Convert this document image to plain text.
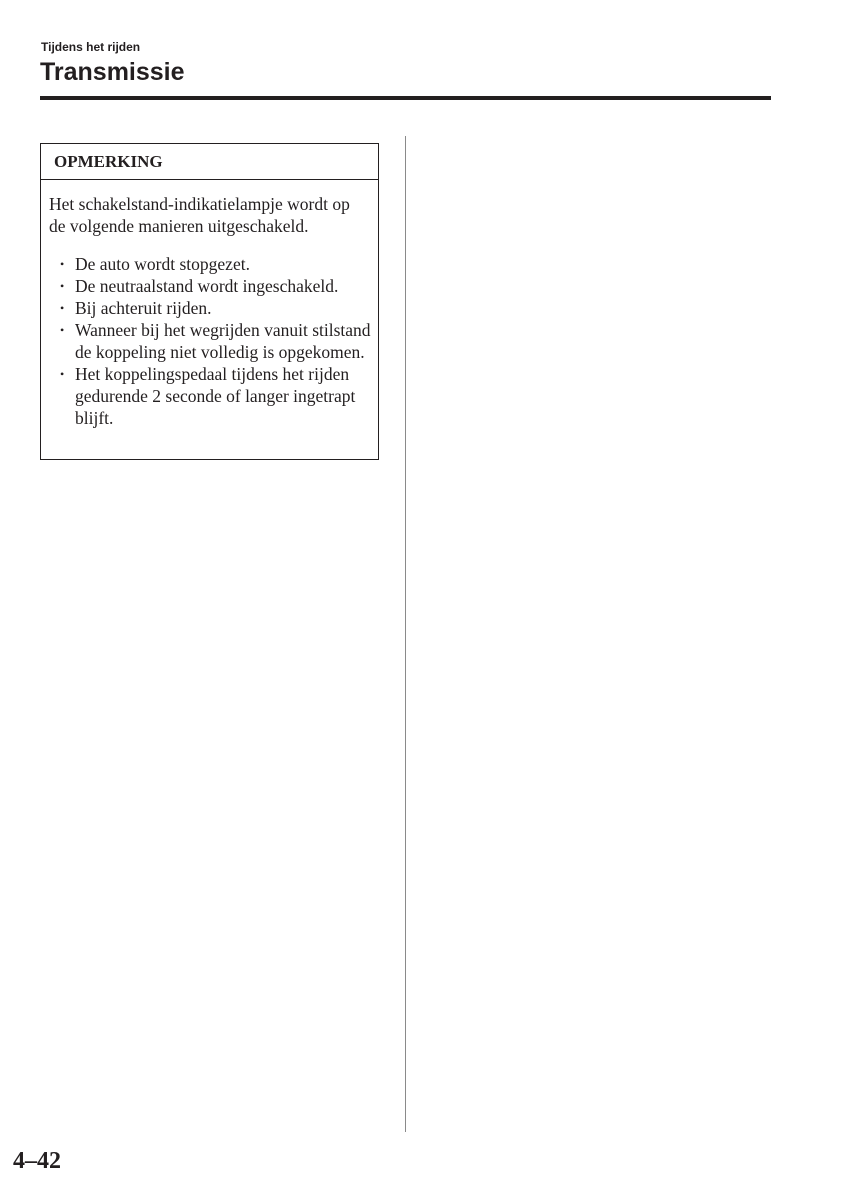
Tijdens het rijden
Transmissie
OPMERKING

Het schakelstand-indikatielampje wordt op de volgende manieren uitgeschakeld.

• De auto wordt stopgezet.
• De neutraalstand wordt ingeschakeld.
• Bij achteruit rijden.
• Wanneer bij het wegrijden vanuit stilstand de koppeling niet volledig is opgekomen.
• Het koppelingspedaal tijdens het rijden gedurende 2 seconde of langer ingetrapt blijft.
4–42
